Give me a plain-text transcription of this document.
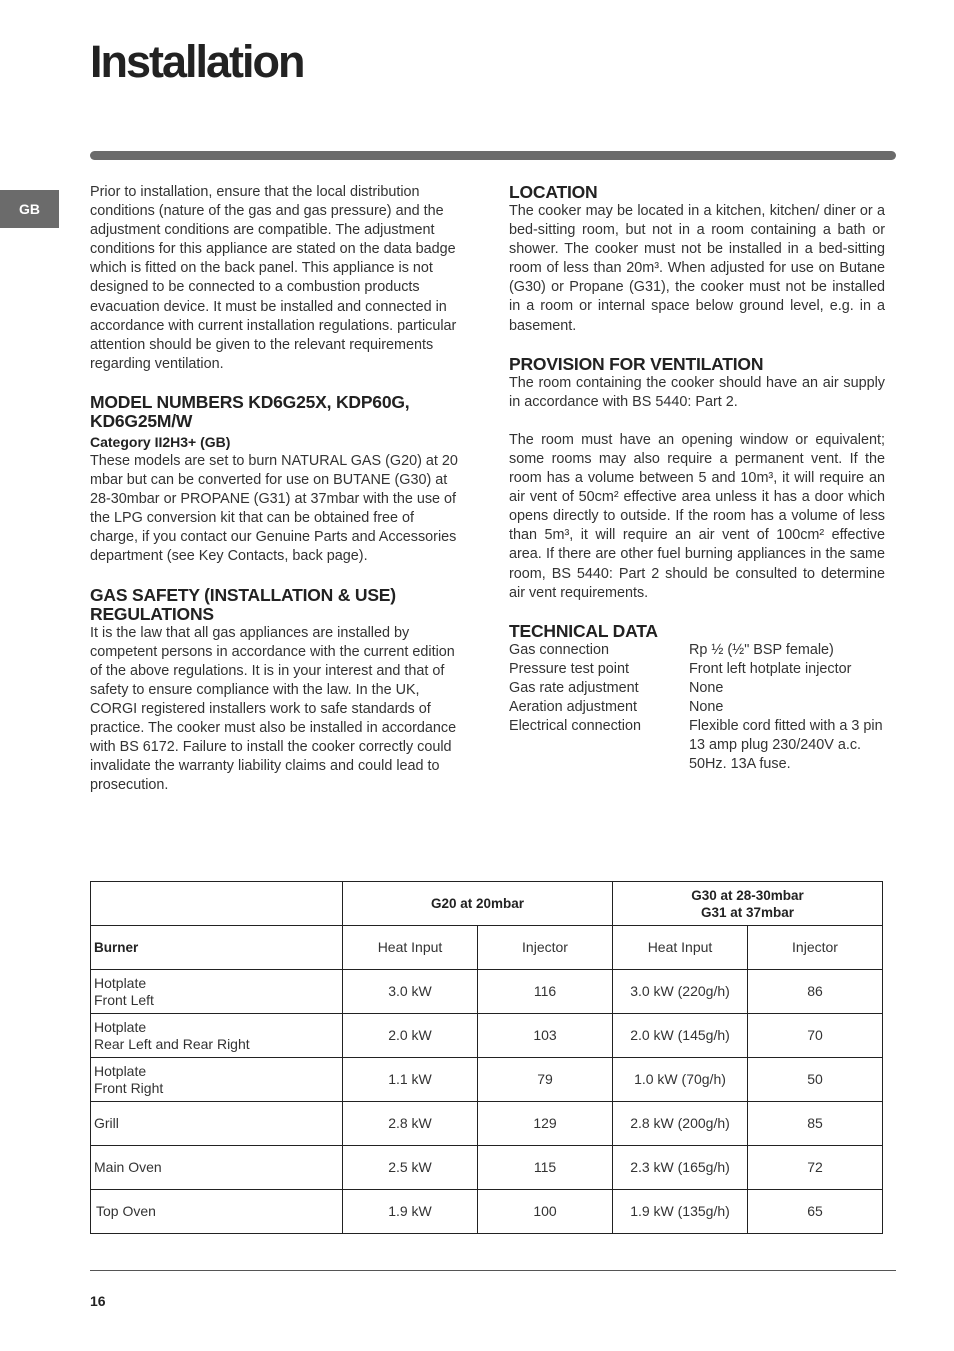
Installation
GB

Prior to installation, ensure that the local distribution conditions (nature of the gas and gas pressure) and the adjustment conditions are compatible. The adjustment conditions for this appliance are stated on the data badge which is fitted on the back panel. This appliance is not designed to be connected to a combustion products evacuation device. It must be installed and connected in accordance with current installation regulations. particular attention should be given to the relevant requirements regarding ventilation.

MODEL NUMBERS KD6G25X, KDP60G, KD6G25M/W
Category II2H3+ (GB)

These models are set to burn NATURAL GAS (G20) at 20 mbar but can be converted for use on BUTANE (G30) at 28-30mbar or PROPANE (G31) at 37mbar with the use of the LPG conversion kit that can be obtained free of charge, if you contact our Genuine Parts and Accessories department (see Key Contacts, back page).

GAS SAFETY (INSTALLATION & USE) REGULATIONS

It is the law that all gas appliances are installed by competent persons in accordance with the current edition of the above regulations. It is in your interest and that of safety to ensure compliance with the law. In the UK, CORGI registered installers work to safe standards of practice. The cooker must also be installed in accordance with BS 6172. Failure to install the cooker correctly could invalidate the warranty liability claims and could lead to prosecution.

LOCATION

The cooker may be located in a kitchen, kitchen/ diner or a bed-sitting room, but not in a room containing a bath or shower. The cooker must not be installed in a bed-sitting room of less than 20m³. When adjusted for use on Butane (G30) or Propane (G31), the cooker must not be installed in a room or internal space below ground level, e.g. in a basement.

PROVISION FOR VENTILATION

The room containing the cooker should have an air supply in accordance with BS 5440: Part 2.

The room must have an opening window or equivalent; some rooms may also require a permanent vent. If the room has a volume between 5 and 10m³, it will require an air vent of 50cm² effective area unless it has a door which opens directly to outside. If the room has a volume of less than 5m³, it will require an air vent of 100cm² effective area. If there are other fuel burning appliances in the same room, BS 5440: Part 2 should be consulted to determine air vent requirements.

TECHNICAL DATA
Gas connection	Rp ½ (½" BSP female)
Pressure test point	Front left hotplate injector
Gas rate adjustment	None
Aeration adjustment	None
Electrical connection	Flexible cord fitted with a 3 pin 13 amp plug 230/240V a.c. 50Hz. 13A fuse.
	G20 at 20mbar		G30 at 28-30mbar
G31 at 37mbar	

Burner	Heat Input	Injector	Heat Input	Injector

Hotplate
Front Left	3.0 kW	116	3.0 kW (220g/h)	86

Hotplate
Rear Left and Rear Right	2.0 kW	103	2.0 kW (145g/h)	70

Hotplate
Front Right	1.1 kW	79	1.0 kW (70g/h)	50
Grill	2.8 kW	129	2.8 kW (200g/h)	85
Main Oven	2.5 kW	115	2.3 kW (165g/h)	72
Top Oven	1.9 kW	100	1.9 kW (135g/h)	65
16
